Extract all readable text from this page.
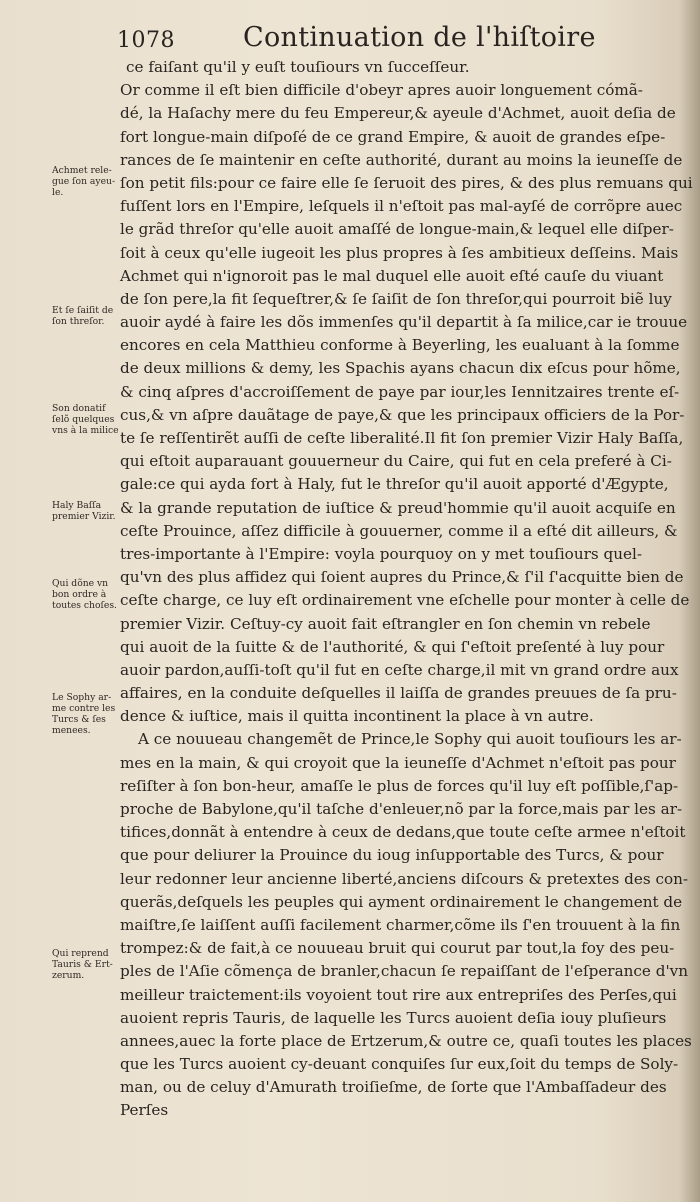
1078	Continuation de l'hiſtoire
ce faiſant qu'il y euſt touſiours vn ſucceſſeur.
Or comme il eſt bien difficile d'obeyr apres auoir longuement cómã-
dé, la Haſachy mere du feu Empereur,& ayeule d'Achmet, auoit deſia de
fort longue-main diſpoſé de ce grand Empire, & auoit de grandes eſpe-
rances de ſe maintenir en ceſte authorité, durant au moins la ieuneſſe de
ſon petit fils:pour ce faire elle ſe ſeruoit des pires, & des plus remuans qui
fuſſent lors en l'Empire, leſquels il n'eſtoit pas mal-ayſé de corrõpre auec
le grãd threſor qu'elle auoit amaſſé de longue-main,& lequel elle diſper-
ſoit à ceux qu'elle iugeoit les plus propres à ſes ambitieux deſſeins. Mais
Achmet qui n'ignoroit pas le mal duquel elle auoit eſté cauſe du viuant
de ſon pere,la fit ſequeſtrer,& ſe ſaiſit de ſon threſor,qui pourroit biẽ luy
auoir aydé à faire les dõs immenſes qu'il departit à ſa milice,car ie trouue
encores en cela Matthieu conforme à Beyerling, les eualuant à la ſomme
de deux millions & demy, les Spachis ayans chacun dix eſcus pour hõme,
& cinq aſpres d'accroiſſement de paye par iour,les Iennitzaires trente eſ-
cus,& vn aſpre dauãtage de paye,& que les principaux officiers de la Por-
te ſe reſſentirẽt auſſi de ceſte liberalité.Il fit ſon premier Vizir Haly Baſſa,
qui eſtoit auparauant gouuerneur du Caire, qui fut en cela preferé à Ci-
gale:ce qui ayda fort à Haly, fut le threſor qu'il auoit apporté d'Ægypte,
& la grande reputation de iuſtice & preud'hommie qu'il auoit acquiſe en
ceſte Prouince, aſſez difficile à gouuerner, comme il a eſté dit ailleurs, &
tres-importante à l'Empire: voyla pourquoy on y met touſiours quel-
qu'vn des plus affidez qui ſoient aupres du Prince,& ſ'il ſ'acquitte bien de
ceſte charge, ce luy eſt ordinairement vne eſchelle pour monter à celle de
premier Vizir. Ceſtuy-cy auoit fait eſtrangler en ſon chemin vn rebele
qui auoit de la ſuitte & de l'authorité, & qui ſ'eſtoit preſenté à luy pour
auoir pardon,auſſi-toſt qu'il fut en ceſte charge,il mit vn grand ordre aux
affaires, en la conduite deſquelles il laiſſa de grandes preuues de ſa pru-
dence & iuſtice, mais il quitta incontinent la place à vn autre.
A ce nouueau changemẽt de Prince,le Sophy qui auoit touſiours les ar-
mes en la main, & qui croyoit que la ieuneſſe d'Achmet n'eſtoit pas pour
reſiſter à ſon bon-heur, amaſſe le plus de forces qu'il luy eſt poſſible,ſ'ap-
proche de Babylone,qu'il taſche d'enleuer,nõ par la force,mais par les ar-
tifices,donnãt à entendre à ceux de dedans,que toute ceſte armee n'eſtoit
que pour deliurer la Prouince du ioug inſupportable des Turcs, & pour
leur redonner leur ancienne liberté,anciens diſcours & pretextes des con-
querãs,deſquels les peuples qui ayment ordinairement le changement de
maiſtre,ſe laiſſent auſſi facilement charmer,cõme ils ſ'en trouuent à la fin
trompez:& de fait,à ce nouueau bruit qui courut par tout,la foy des peu-
ples de l'Aſie cõmença de branler,chacun ſe repaiſſant de l'eſperance d'vn
meilleur traictement:ils voyoient tout rire aux entrepriſes des Perſes,qui
auoient repris Tauris, de laquelle les Turcs auoient deſia iouy pluſieurs
annees,auec la forte place de Ertzerum,& outre ce, quaſi toutes les places
que les Turcs auoient cy-deuant conquiſes ſur eux,ſoit du temps de Soly-
man, ou de celuy d'Amurath troiſieſme, de ſorte que l'Ambaſſadeur des
Perſes
Achmet rele-
gue ſon ayeu-
le.
Et ſe ſaiſit de
ſon threſor.
Son donatif
ſelõ quelques
vns à la milice
Haly Baſſa
premier Vizir.
Qui dõne vn
bon ordre à
toutes choſes.
Le Sophy ar-
me contre les
Turcs & ſes
menees.
Qui reprend
Tauris & Ert-
zerum.
